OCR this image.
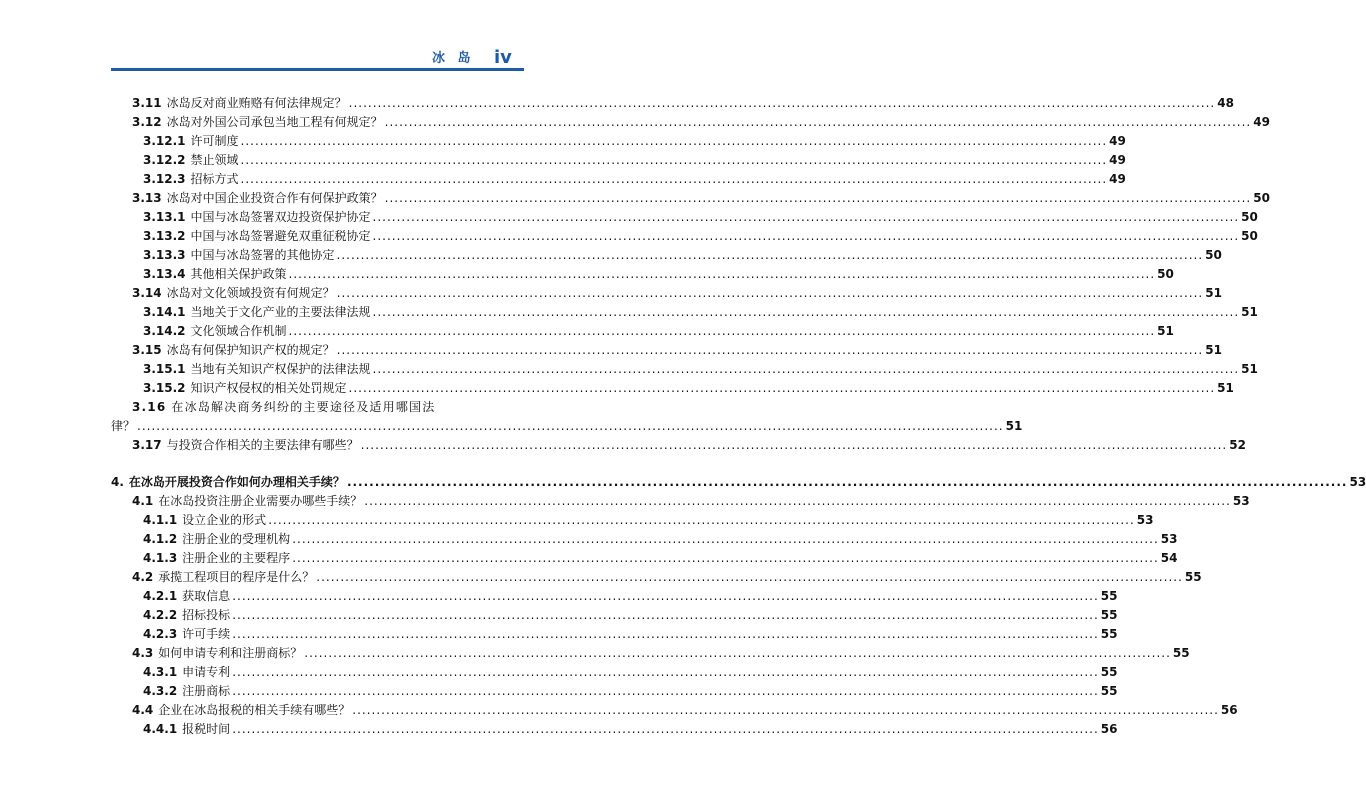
冰 岛	iv
3.11 冰岛反对商业贿赂有何法律规定？ .....	48
3.12 冰岛对外国公司承包当地工程有何规定？ .....	49
3.12.1 许可制度 .....	49
3.12.2 禁止领域 .....	49
3.12.3 招标方式 .....	49
3.13 冰岛对中国企业投资合作有何保护政策？ .....	50
3.13.1 中国与冰岛签署双边投资保护协定 .....	50
3.13.2 中国与冰岛签署避免双重征税协定 .....	50
3.13.3 中国与冰岛签署的其他协定 .....	50
3.13.4 其他相关保护政策 .....	50
3.14 冰岛对文化领域投资有何规定？ .....	51
3.14.1 当地关于文化产业的主要法律法规 .....	51
3.14.2 文化领域合作机制 .....	51
3.15 冰岛有何保护知识产权的规定？ .....	51
3.15.1 当地有关知识产权保护的法律法规 .....	51
3.15.2 知识产权侵权的相关处罚规定 .....	51
3.16 在冰岛解决商务纠纷的主要途径及适用哪国法
律？ .....	51
3.17 与投资合作相关的主要法律有哪些？ .....	52
4. 在冰岛开展投资合作如何办理相关手续？ .....	53
4.1 在冰岛投资注册企业需要办哪些手续？ .....	53
4.1.1 设立企业的形式 .....	53
4.1.2 注册企业的受理机构 .....	53
4.1.3 注册企业的主要程序 .....	54
4.2 承揽工程项目的程序是什么？ .....	55
4.2.1 获取信息 .....	55
4.2.2 招标投标 .....	55
4.2.3 许可手续 .....	55
4.3 如何申请专利和注册商标？ .....	55
4.3.1 申请专利 .....	55
4.3.2 注册商标 .....	55
4.4 企业在冰岛报税的相关手续有哪些？ .....	56
4.4.1 报税时间 .....	56
